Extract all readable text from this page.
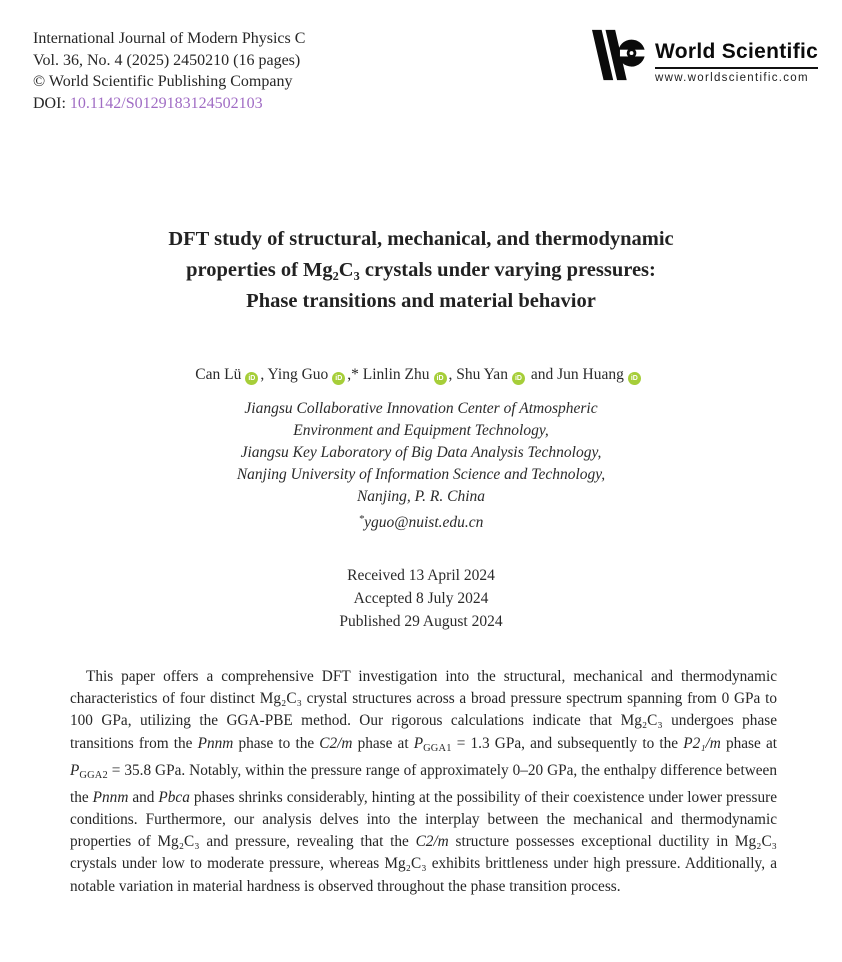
International Journal of Modern Physics C
Vol. 36, No. 4 (2025) 2450210 (16 pages)
© World Scientific Publishing Company
DOI: 10.1142/S0129183124502103
World Scientific
www.worldscientific.com
DFT study of structural, mechanical, and thermodynamic
properties of Mg₂C₃ crystals under varying pressures:
Phase transitions and material behavior
Can Lü iD , Ying Guo iD ,* Linlin Zhu iD , Shu Yan iD and Jun Huang iD
Jiangsu Collaborative Innovation Center of Atmospheric
Environment and Equipment Technology,
Jiangsu Key Laboratory of Big Data Analysis Technology,
Nanjing University of Information Science and Technology,
Nanjing, P. R. China
*yguo@nuist.edu.cn
Received 13 April 2024
Accepted 8 July 2024
Published 29 August 2024

This paper offers a comprehensive DFT investigation into the structural, mechanical and thermodynamic characteristics of four distinct Mg₂C₃ crystal structures across a broad pressure spectrum spanning from 0 GPa to 100 GPa, utilizing the GGA-PBE method. Our rigorous calculations indicate that Mg₂C₃ undergoes phase transitions from the Pnnm phase to the C2/m phase at $P_{GGA1} = 1.3$ GPa, and subsequently to the P2₁/m phase at $P_{GGA2} = 35.8$ GPa. Notably, within the pressure range of approximately 0–20 GPa, the enthalpy difference between the Pnnm and Pbca phases shrinks considerably, hinting at the possibility of their coexistence under lower pressure conditions. Furthermore, our analysis delves into the interplay between the mechanical and thermodynamic properties of Mg₂C₃ and pressure, revealing that the C2/m structure possesses exceptional ductility in Mg₂C₃ crystals under low to moderate pressure, whereas Mg₂C₃ exhibits brittleness under high pressure. Additionally, a notable variation in material hardness is observed throughout the phase transition process.
